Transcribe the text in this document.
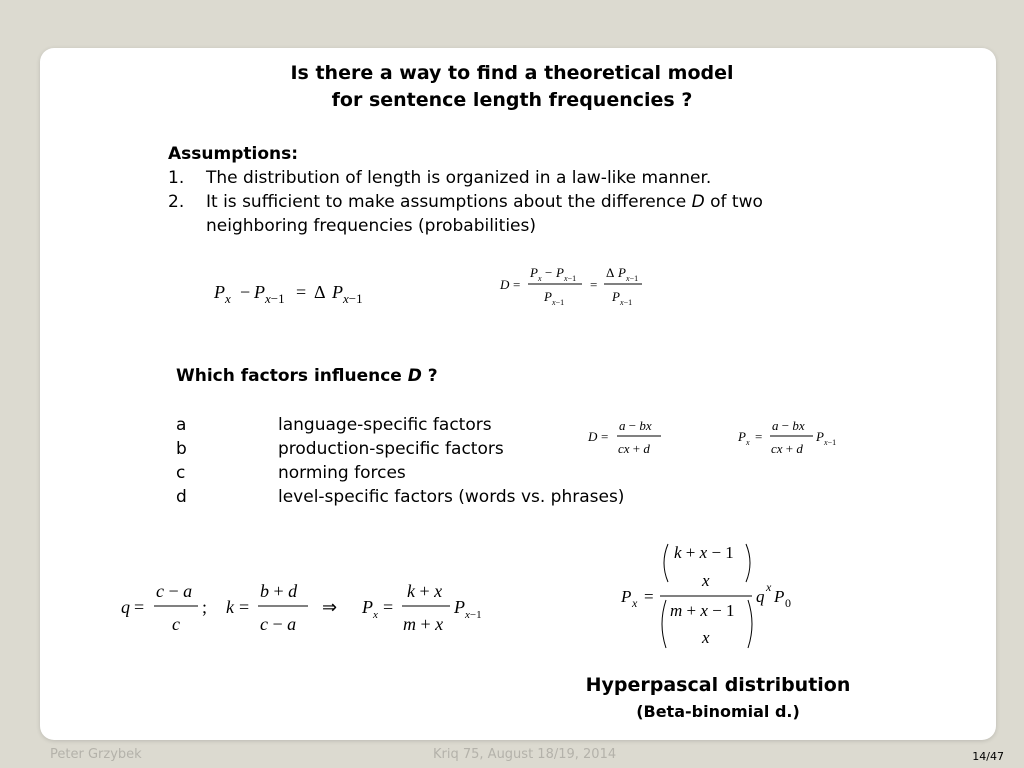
Is there a way to find a theoretical model
for sentence length frequencies ?
Assumptions:
1. The distribution of length is organized in a law-like manner.
2. It is sufficient to make assumptions about the difference D of two
neighboring frequencies (probabilities)
P x − P x−1 = Δ P x−1
D =
P x − P x−1
P x−1
=
Δ P x−1
P x−1
Which factors influence D ?
a	language-specific factors
b	production-specific factors
c	norming forces
d	level-specific factors (words vs. phrases)
D =
a − bx
cx + d
P x =
a − bx
cx + d
P x−1
q =
c − a
c
; k =
b + d
c − a
⇒ P x =
k + x
m + x
P x−1
P x =
k + x − 1
x
m + x − 1
x
q x P 0
Hyperpascal distribution
(Beta-binomial d.)
Peter Grzybek	Kriq 75, August 18/19, 2014	14/47
